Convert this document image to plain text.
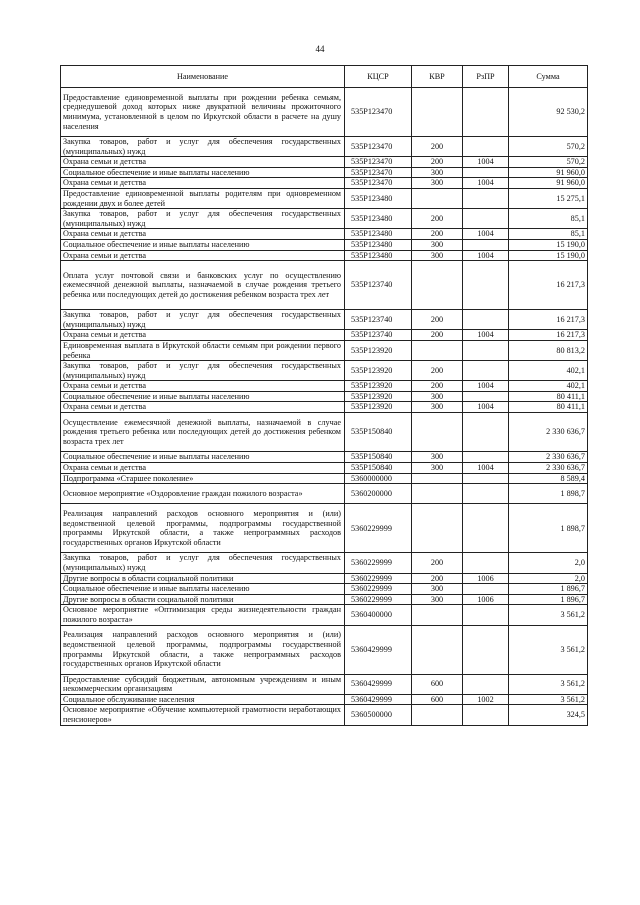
44
Наименование	КЦСР	КВР	РзПР	Сумма
Предоставление единовременной выплаты при рождении ребенка семьям, среднедушевой доход которых ниже двукратной величины прожиточного минимума, установленной в целом по Иркутской области в расчете на душу населения	535P123470			92 530,2
Закупка товаров, работ и услуг для обеспечения государственных (муниципальных) нужд	535P123470	200		570,2
Охрана семьи и детства	535P123470	200	1004	570,2
Социальное обеспечение и иные выплаты населению	535P123470	300		91 960,0
Охрана семьи и детства	535P123470	300	1004	91 960,0
Предоставление единовременной выплаты родителям при одновременном рождении двух и более детей	535P123480			15 275,1
Закупка товаров, работ и услуг для обеспечения государственных (муниципальных) нужд	535P123480	200		85,1
Охрана семьи и детства	535P123480	200	1004	85,1
Социальное обеспечение и иные выплаты населению	535P123480	300		15 190,0
Охрана семьи и детства	535P123480	300	1004	15 190,0
Оплата услуг почтовой связи и банковских услуг по осуществлению ежемесячной денежной выплаты, назначаемой в случае рождения третьего ребенка или последующих детей до достижения ребенком возраста трех лет	535P123740			16 217,3
Закупка товаров, работ и услуг для обеспечения государственных (муниципальных) нужд	535P123740	200		16 217,3
Охрана семьи и детства	535P123740	200	1004	16 217,3
Единовременная выплата в Иркутской области семьям при рождении первого ребенка	535P123920			80 813,2
Закупка товаров, работ и услуг для обеспечения государственных (муниципальных) нужд	535P123920	200		402,1
Охрана семьи и детства	535P123920	200	1004	402,1
Социальное обеспечение и иные выплаты населению	535P123920	300		80 411,1
Охрана семьи и детства	535P123920	300	1004	80 411,1
Осуществление ежемесячной денежной выплаты, назначаемой в случае рождения третьего ребенка или последующих детей до достижения ребенком возраста трех лет	535P150840			2 330 636,7
Социальное обеспечение и иные выплаты населению	535P150840	300		2 330 636,7
Охрана семьи и детства	535P150840	300	1004	2 330 636,7
Подпрограмма «Старшее поколение»	5360000000			8 589,4
Основное мероприятие «Оздоровление граждан пожилого возраста»	5360200000			1 898,7
Реализация направлений расходов основного мероприятия и (или) ведомственной целевой программы, подпрограммы государственной программы Иркутской области, а также непрограммных расходов государственных органов Иркутской области	5360229999			1 898,7
Закупка товаров, работ и услуг для обеспечения государственных (муниципальных) нужд	5360229999	200		2,0
Другие вопросы в области социальной политики	5360229999	200	1006	2,0
Социальное обеспечение и иные выплаты населению	5360229999	300		1 896,7
Другие вопросы в области социальной политики	5360229999	300	1006	1 896,7
Основное мероприятие «Оптимизация среды жизнедеятельности граждан пожилого возраста»	5360400000			3 561,2
Реализация направлений расходов основного мероприятия и (или) ведомственной целевой программы, подпрограммы государственной программы Иркутской области, а также непрограммных расходов государственных органов Иркутской области	5360429999			3 561,2
Предоставление субсидий бюджетным, автономным учреждениям и иным некоммерческим организациям	5360429999	600		3 561,2
Социальное обслуживание населения	5360429999	600	1002	3 561,2
Основное мероприятие «Обучение компьютерной грамотности неработающих пенсионеров»	5360500000			324,5
